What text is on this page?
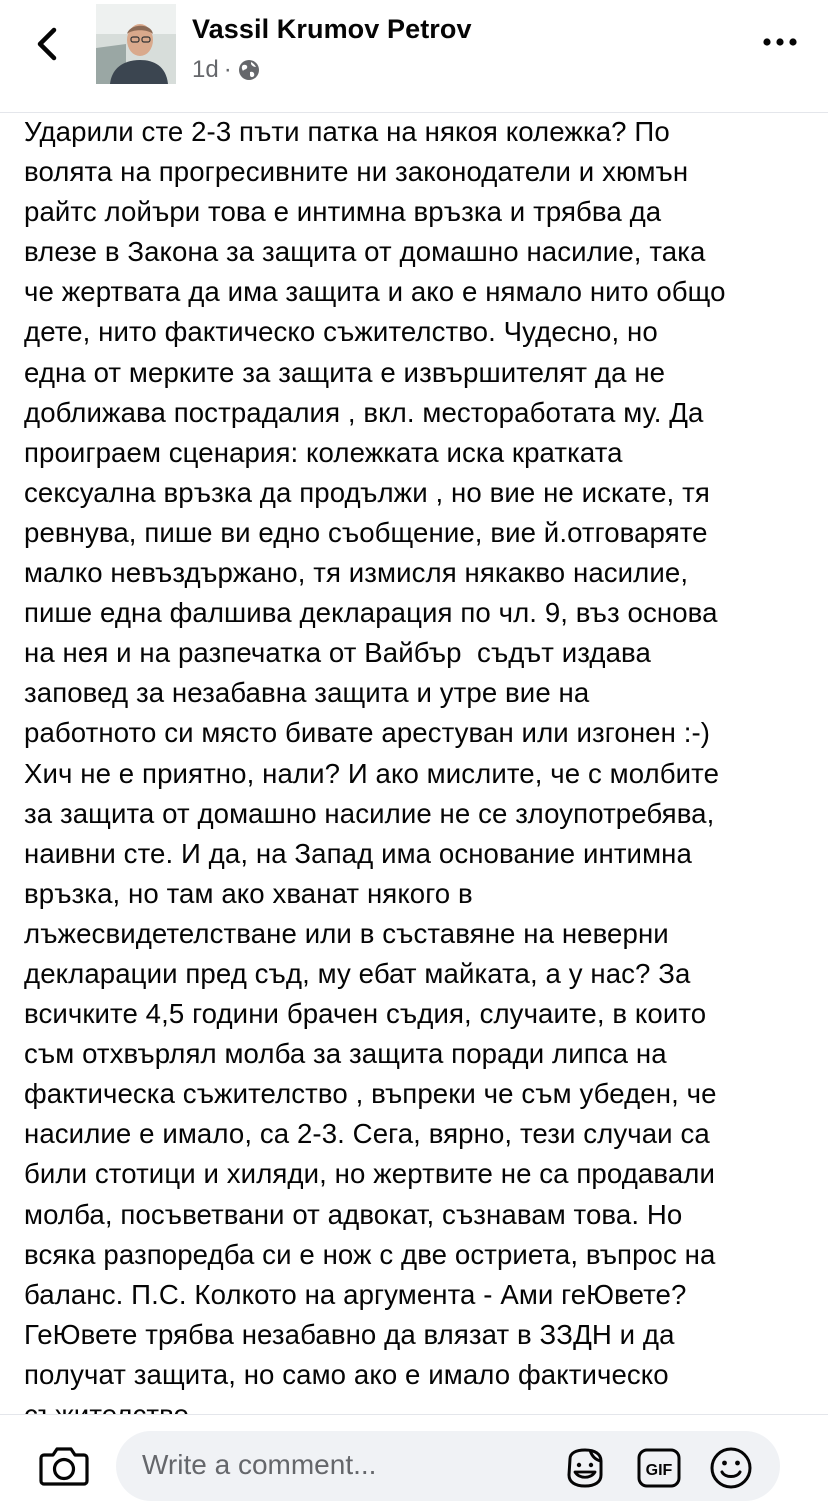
Vassil Krumov Petrov
1d ·

Ударили сте 2-3 пъти патка на някоя колежка? По
волята на прогресивните ни законодатели и хюмън
райтс лойъри това е интимна връзка и трябва да
влезе в Закона за защита от домашно насилие, така
че жертвата да има защита и ако е нямало нито общо
дете, нито фактическо съжителство. Чудесно, но
една от мерките за защита е извършителят да не
доближава пострадалия , вкл. местоработата му. Да
проиграем сценария: колежката иска кратката
сексуална връзка да продължи , но вие не искате, тя
ревнува, пише ви едно съобщение, вие й.отговаряте
малко невъздържано, тя измисля някакво насилие,
пише една фалшива декларация по чл. 9, въз основа
на нея и на разпечатка от Вайбър  съдът издава
заповед за незабавна защита и утре вие на
работното си място бивате арестуван или изгонен :-)
Хич не е приятно, нали? И ако мислите, че с молбите
за защита от домашно насилие не се злоупотребява,
наивни сте. И да, на Запад има основание интимна
връзка, но там ако хванат някого в
лъжесвидетелстване или в съставяне на неверни
декларации пред съд, му ебат майката, а у нас? За
всичките 4,5 години брачен съдия, случаите, в които
съм отхвърлял молба за защита поради липса на
фактическа съжителство , въпреки че съм убеден, че
насилие е имало, са 2-3. Сега, вярно, тези случаи са
били стотици и хиляди, но жертвите не са продавали
молба, посъветвани от адвокат, съзнавам това. Но
всяка разпоредба си е нож с две остриета, въпрос на
баланс. П.С. Колкото на аргумента - Ами геЮвете?
ГеЮвете трябва незабавно да влязат в ЗЗДН и да
получат защита, но само ако е имало фактическо

Write a comment...	GIF
